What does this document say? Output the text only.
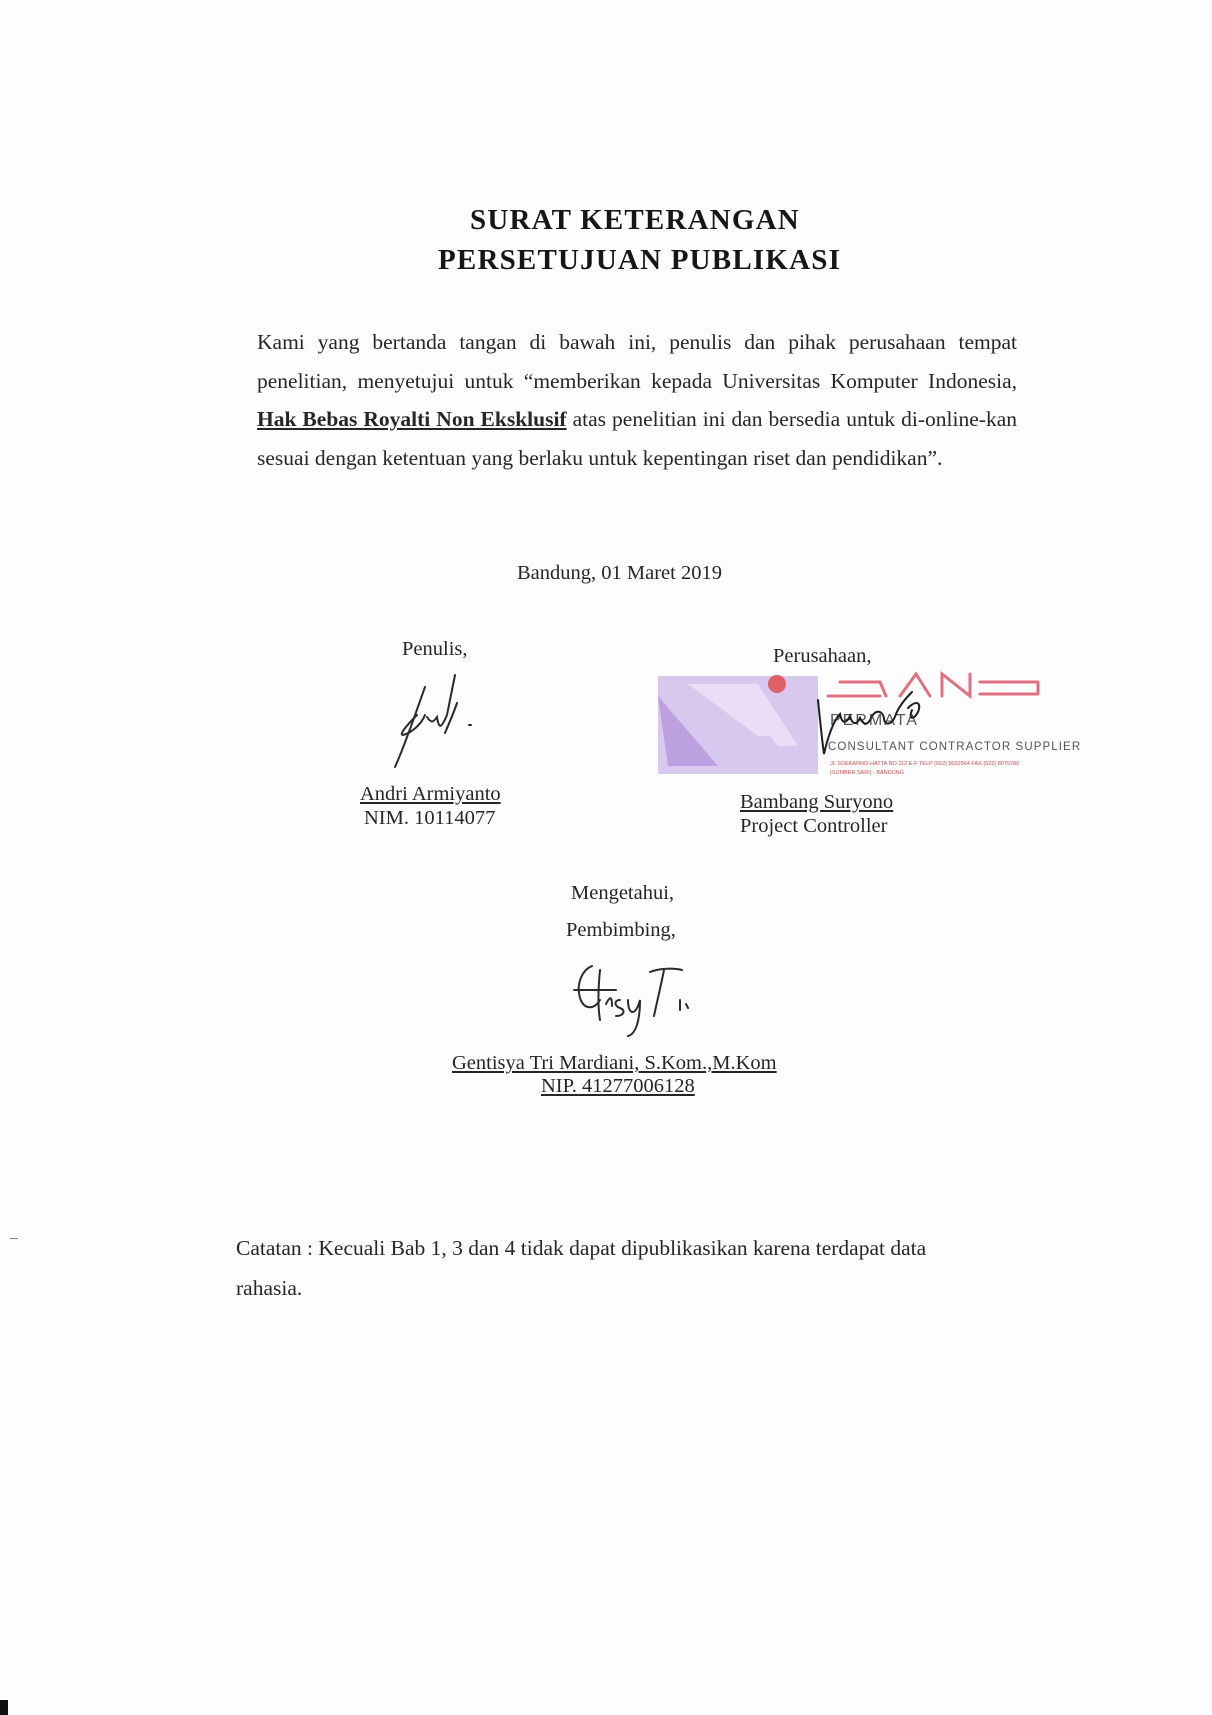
SURAT KETERANGAN
PERSETUJUAN PUBLIKASI
Kami yang bertanda tangan di bawah ini, penulis dan pihak perusahaan tempat penelitian, menyetujui untuk “memberikan kepada Universitas Komputer Indonesia, Hak Bebas Royalti Non Eksklusif atas penelitian ini dan bersedia untuk di-online-kan sesuai dengan ketentuan yang berlaku untuk kepentingan riset dan pendidikan”.
Bandung, 01 Maret 2019
Penulis,
Andri Armiyanto
NIM. 10114077
Perusahaan,
PERMATA
CONSULTANT CONTRACTOR SUPPLIER
JL SOEKARNO-HATTA NO.112 E-F TELP (022) 9032564 FAX (022) 8079780
(SUMBER SARI) - BANDUNG
Bambang Suryono
Project Controller
Mengetahui,
Pembimbing,
Gentisya Tri Mardiani, S.Kom.,M.Kom
NIP. 41277006128
Catatan : Kecuali Bab 1, 3 dan 4 tidak dapat dipublikasikan karena terdapat data rahasia.
